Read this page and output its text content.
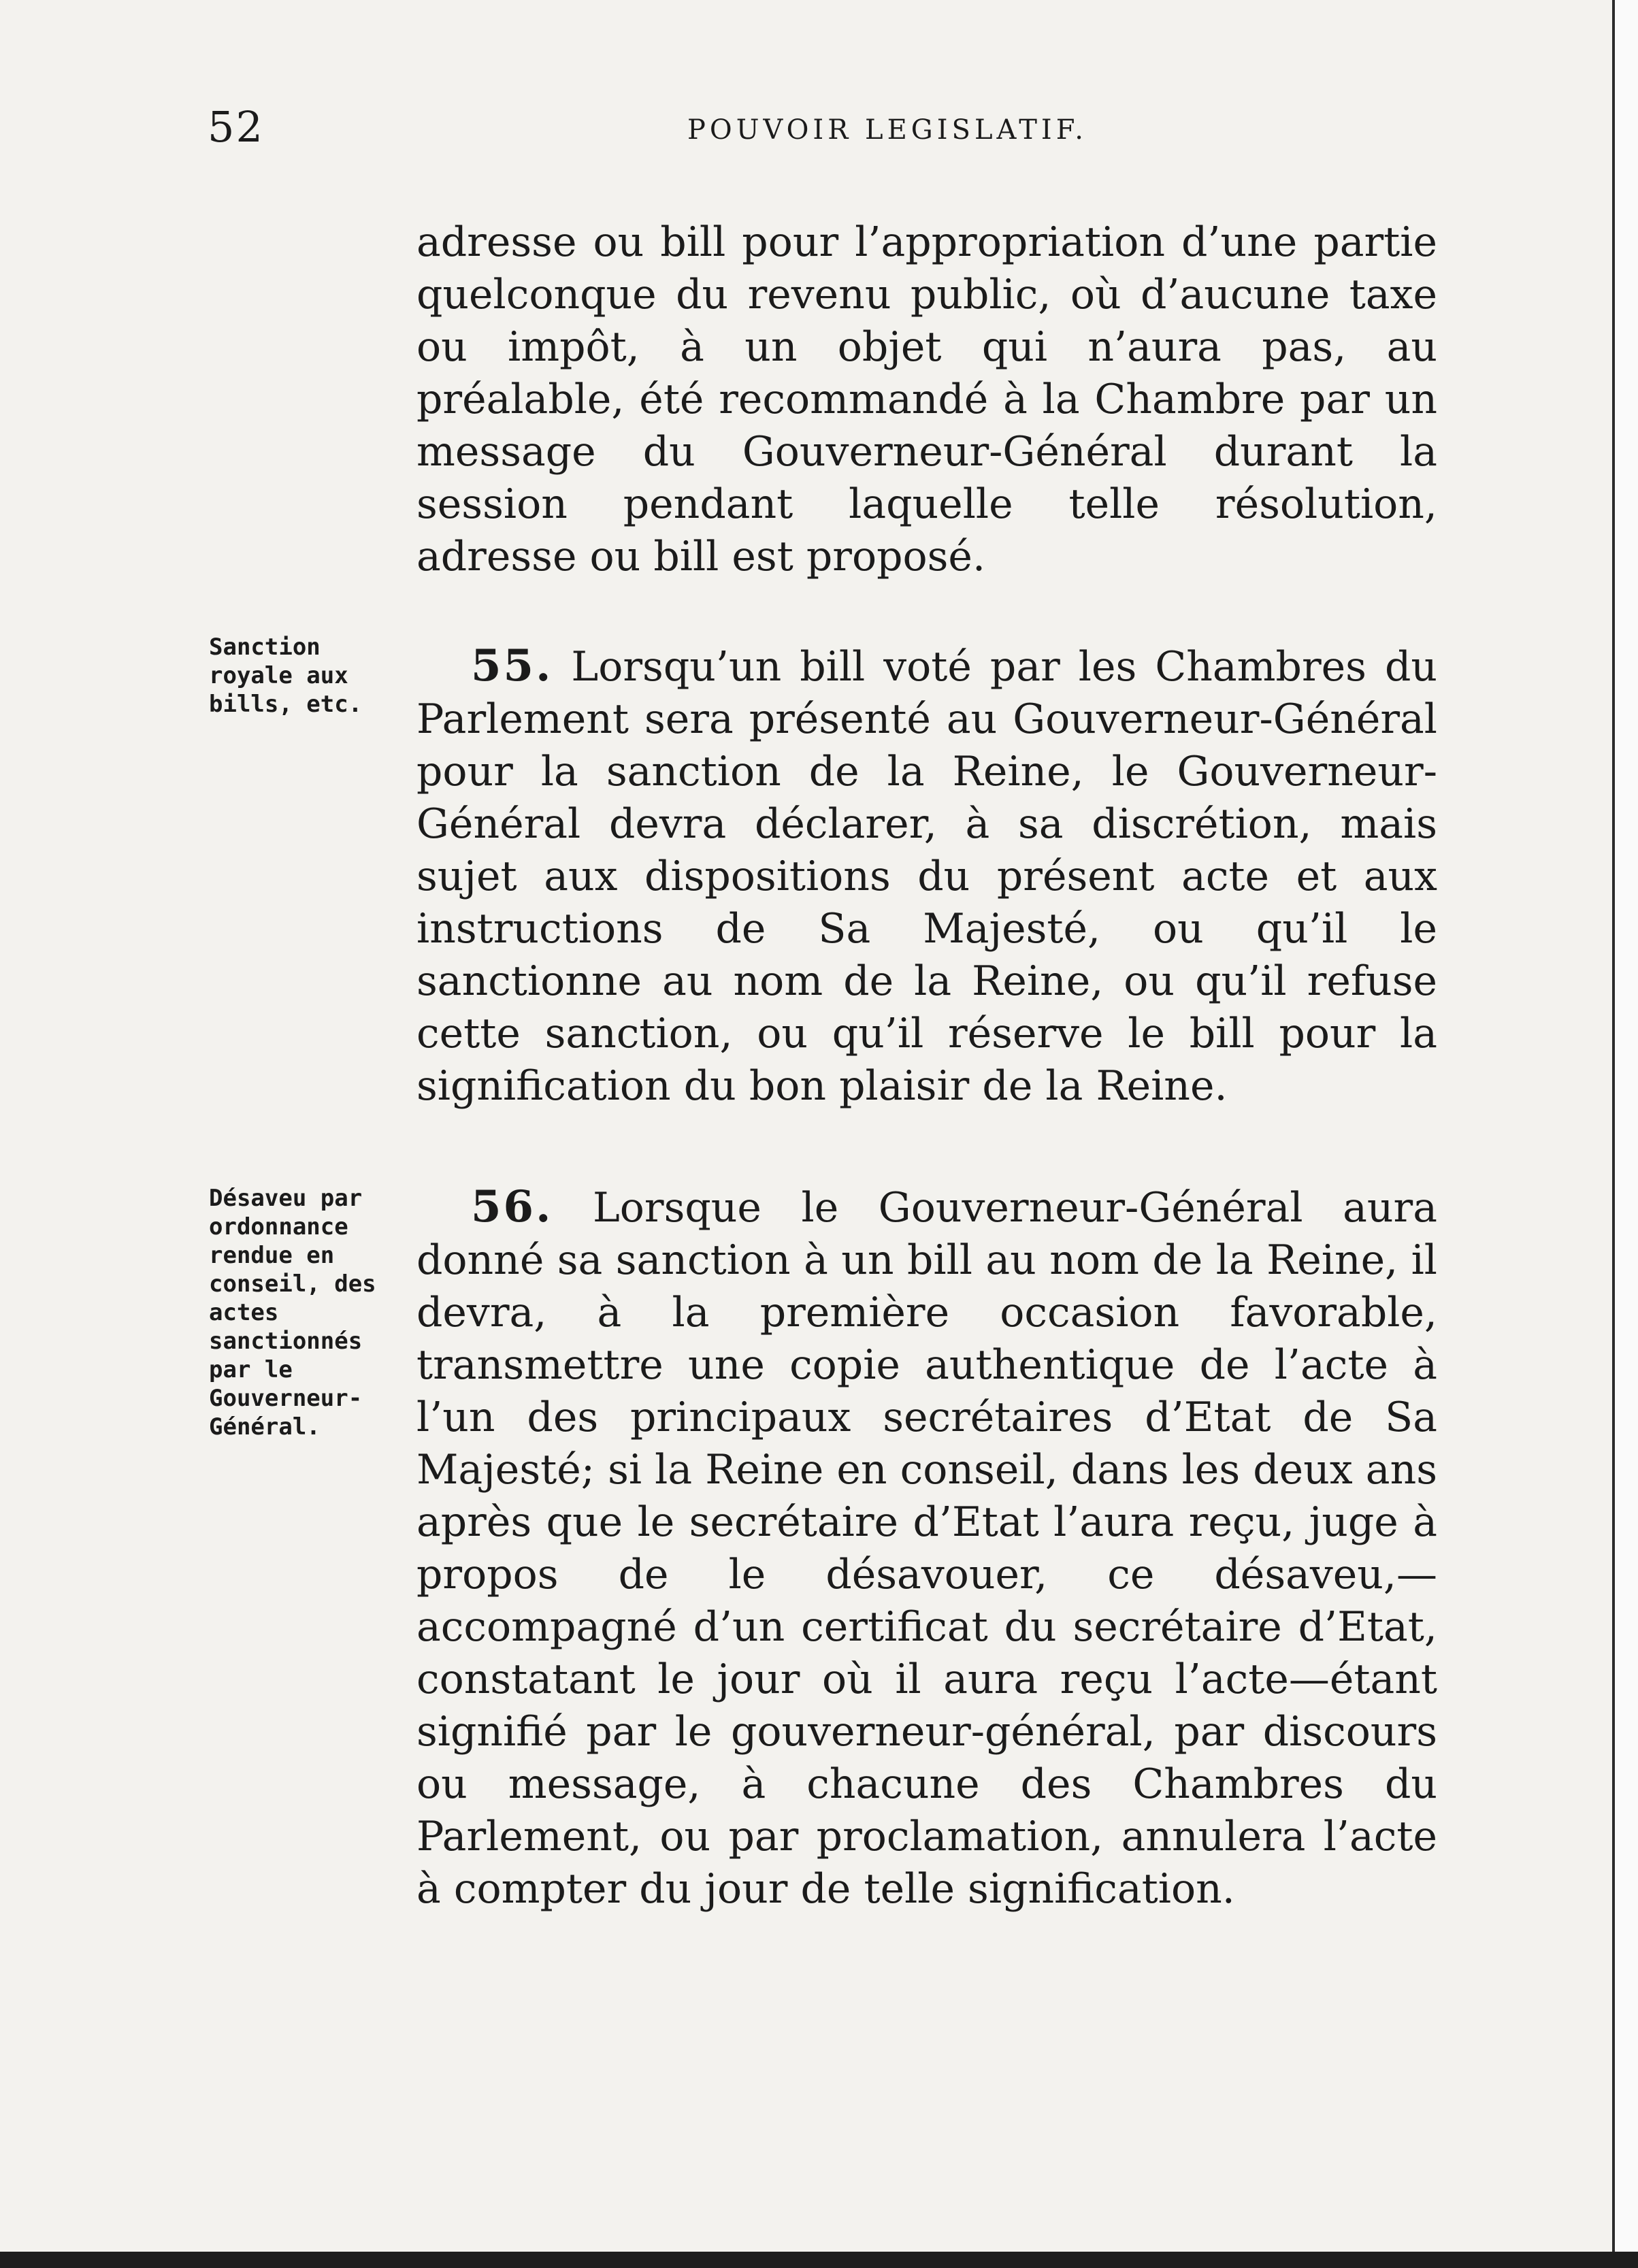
52	POUVOIR LEGISLATIF.

adresse ou bill pour l’appropriation d’une partie quelconque du revenu public, où d’aucune taxe ou impôt, à un objet qui n’aura pas, au préalable, été recommandé à la Chambre par un message du Gouverneur-Général durant la session pendant laquelle telle résolution, adresse ou bill est proposé.

Sanction royale aux bills, etc.

55. Lorsqu’un bill voté par les Chambres du Parlement sera présenté au Gouverneur-Général pour la sanction de la Reine, le Gouverneur-Général devra déclarer, à sa discrétion, mais sujet aux dispositions du présent acte et aux instructions de Sa Majesté, ou qu’il le sanctionne au nom de la Reine, ou qu’il refuse cette sanction, ou qu’il réserve le bill pour la signification du bon plaisir de la Reine.

Désaveu par ordonnance rendue en conseil, des actes sanctionnés par le Gouverneur-Général.

56. Lorsque le Gouverneur-Général aura donné sa sanction à un bill au nom de la Reine, il devra, à la première occasion favorable, transmettre une copie authentique de l’acte à l’un des principaux secrétaires d’Etat de Sa Majesté; si la Reine en conseil, dans les deux ans après que le secrétaire d’Etat l’aura reçu, juge à propos de le désavouer, ce désaveu,—accompagné d’un certificat du secrétaire d’Etat, constatant le jour où il aura reçu l’acte—étant signifié par le gouverneur-général, par discours ou message, à chacune des Chambres du Parlement, ou par proclamation, annulera l’acte à compter du jour de telle signification.
